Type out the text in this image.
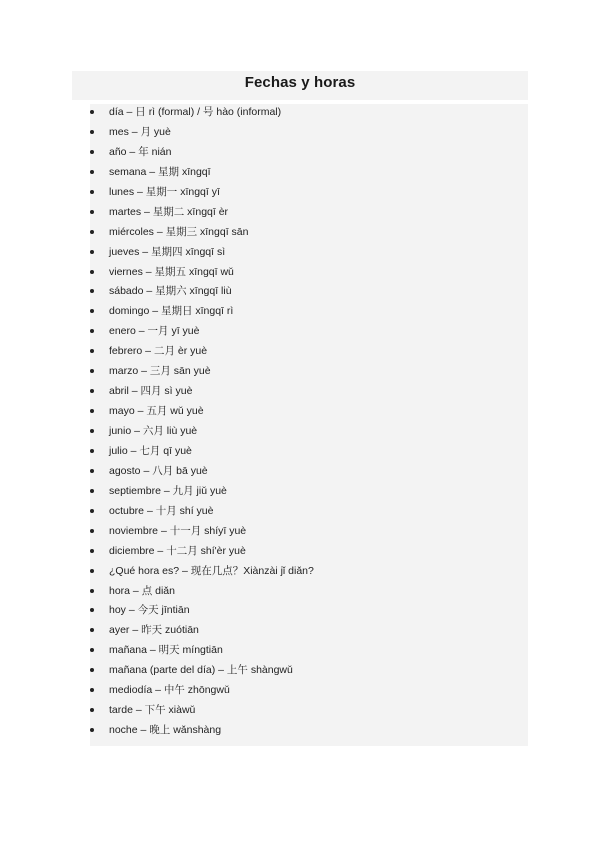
Fechas y horas
día – 日 rì (formal) / 号 hào (informal)
mes – 月 yuè
año – 年 nián
semana – 星期 xīngqī
lunes – 星期一 xīngqī yī
martes – 星期二 xīngqī èr
miércoles – 星期三 xīngqī sān
jueves – 星期四 xīngqī sì
viernes – 星期五 xīngqī wǔ
sábado – 星期六 xīngqī liù
domingo – 星期日 xīngqī rì
enero – 一月 yī yuè
febrero – 二月 èr yuè
marzo – 三月 sān yuè
abril – 四月 sì yuè
mayo – 五月 wǔ yuè
junio – 六月 liù yuè
julio – 七月 qī yuè
agosto – 八月 bā yuè
septiembre – 九月 jiǔ yuè
octubre – 十月 shí yuè
noviembre – 十一月 shíyī yuè
diciembre – 十二月 shí'èr yuè
¿Qué hora es? – 现在几点？Xiànzài jǐ diǎn?
hora – 点 diǎn
hoy – 今天 jīntiān
ayer – 昨天 zuótiān
mañana – 明天 míngtiān
mañana (parte del día) – 上午 shàngwǔ
mediodía – 中午 zhōngwǔ
tarde – 下午 xiàwǔ
noche – 晚上 wǎnshàng
